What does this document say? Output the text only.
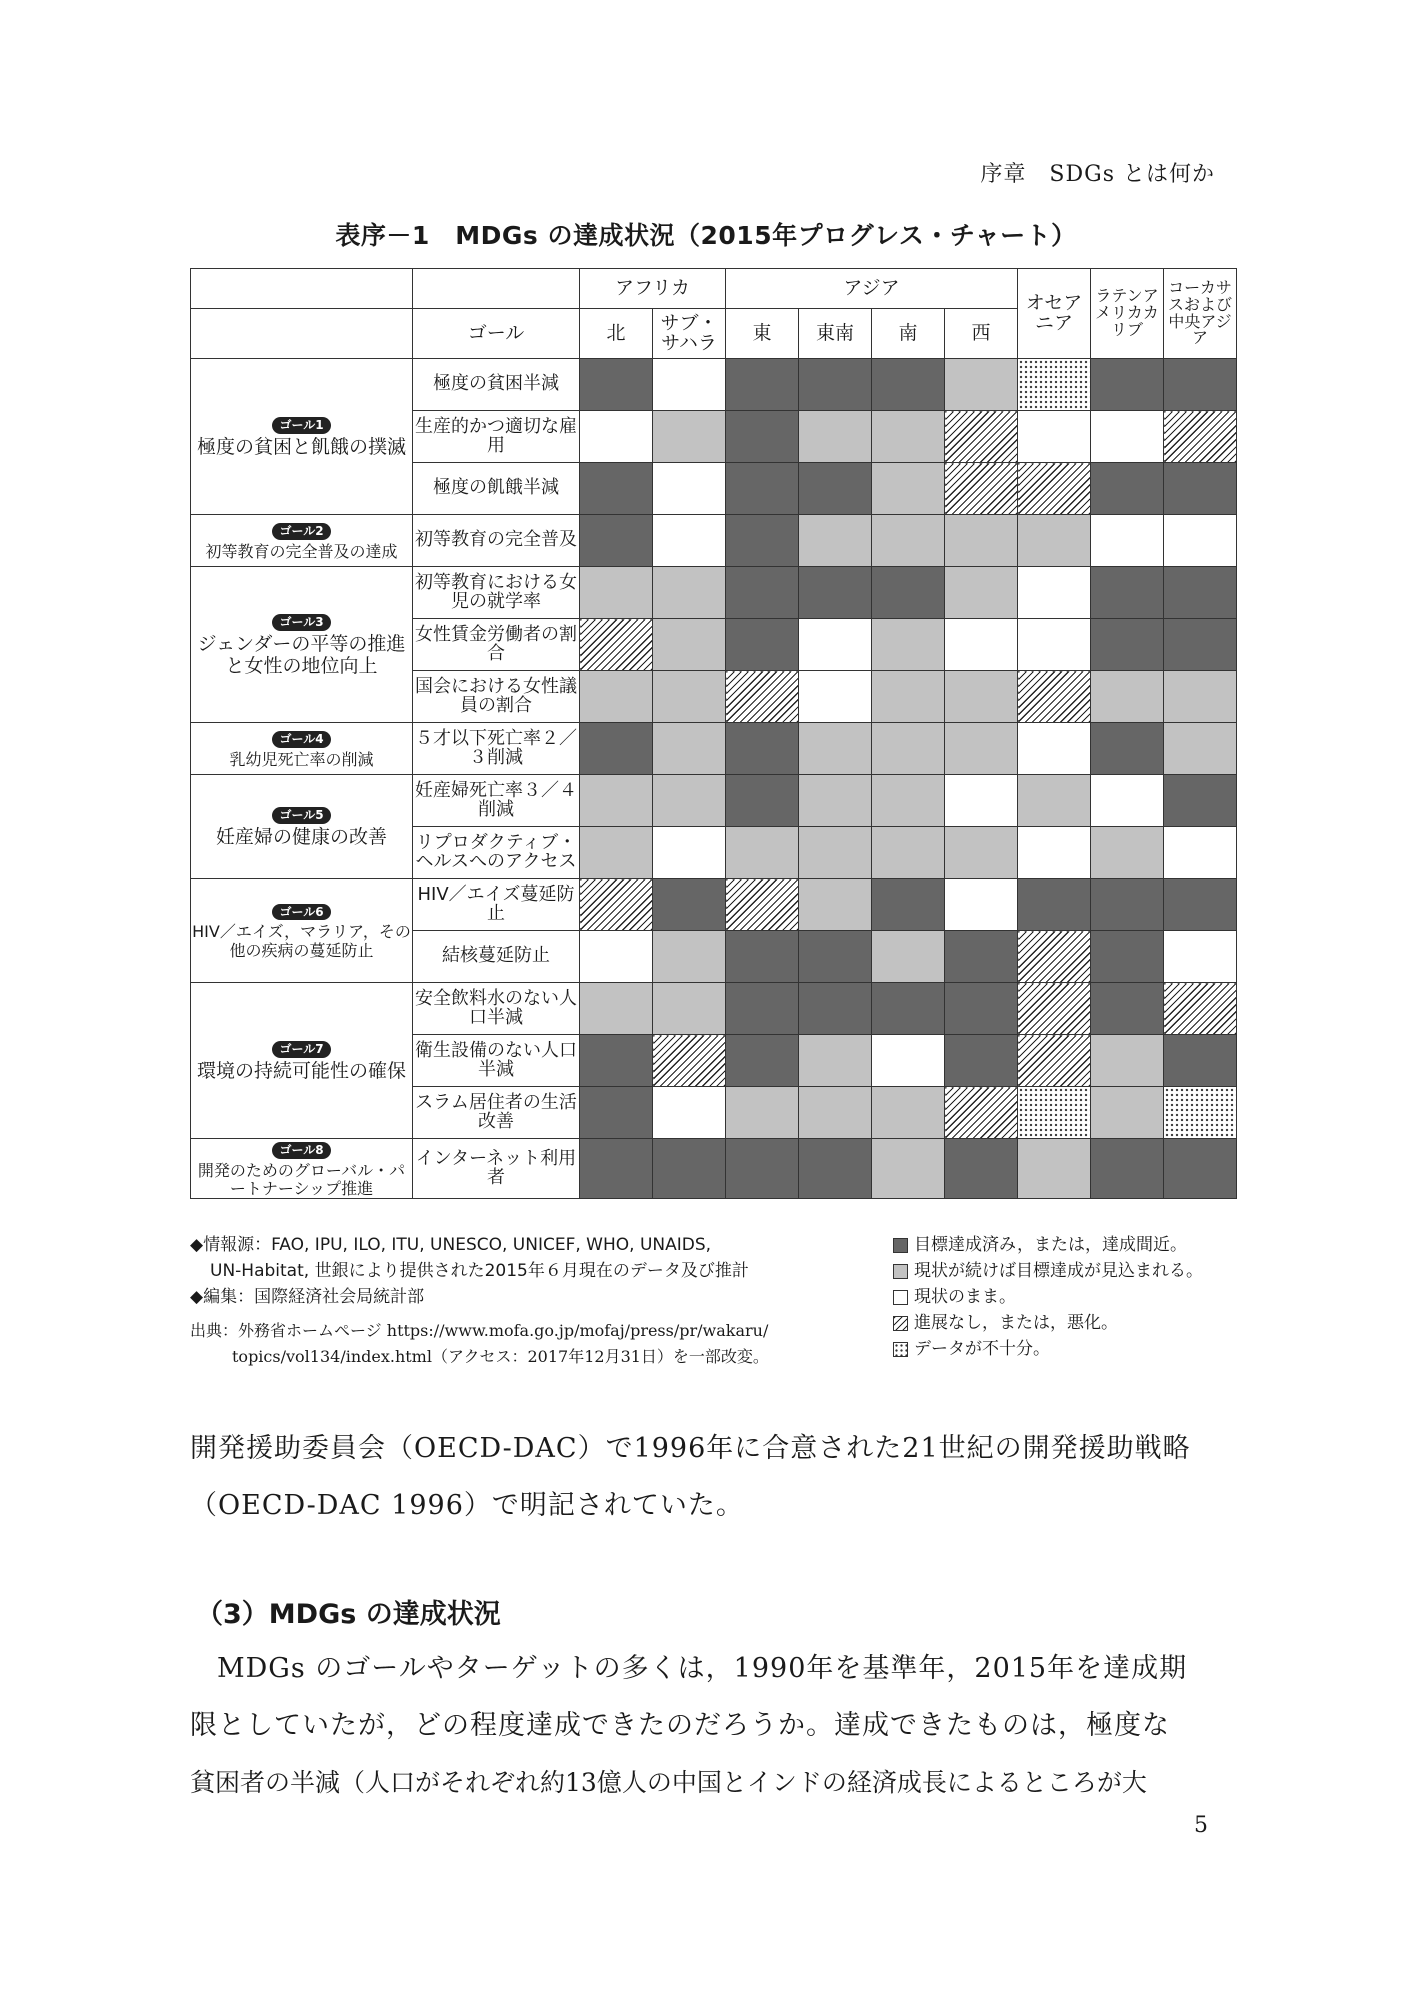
序章　SDGs とは何か
表序－1　MDGs の達成状況（2015年プログレス・チャート）
		アフリカ		アジア				オセアニア	ラテンアメリカカリブ	コーカサスおよび中央アジア
	ゴール	北	サブ・サハラ	東	東南	南	西			
ゴール1
極度の貧困と飢餓の撲滅	極度の貧困半減									
	生産的かつ適切な雇用									
	極度の飢餓半減									
ゴール2
初等教育の完全普及の達成	初等教育の完全普及									
ゴール3
ジェンダーの平等の推進と女性の地位向上	初等教育における女児の就学率									
	女性賃金労働者の割合									
	国会における女性議員の割合									
ゴール4
乳幼児死亡率の削減	５才以下死亡率２／３削減									
ゴール5
妊産婦の健康の改善	妊産婦死亡率３／４削減									
	リプロダクティブ・ヘルスへのアクセス									
ゴール6
HIV／エイズ，マラリア，その他の疾病の蔓延防止	HIV／エイズ蔓延防止									
	結核蔓延防止									
ゴール7
環境の持続可能性の確保	安全飲料水のない人口半減									
	衛生設備のない人口半減									
	スラム居住者の生活改善									
ゴール8
開発のためのグローバル・パートナーシップ推進	インターネット利用者									
◆情報源：FAO, IPU, ILO, ITU, UNESCO, UNICEF, WHO, UNAIDS,
UN-Habitat, 世銀により提供された2015年６月現在のデータ及び推計
◆編集：国際経済社会局統計部
出典：外務省ホームページ https://www.mofa.go.jp/mofaj/press/pr/wakaru/
topics/vol134/index.html（アクセス：2017年12月31日）を一部改変。
目標達成済み，または，達成間近。
現状が続けば目標達成が見込まれる。
現状のまま。
進展なし，または，悪化。
データが不十分。
開発援助委員会（OECD-DAC）で1996年に合意された21世紀の開発援助戦略
（OECD-DAC 1996）で明記されていた。
（3）MDGs の達成状況
MDGs のゴールやターゲットの多くは，1990年を基準年，2015年を達成期
限としていたが，どの程度達成できたのだろうか。達成できたものは，極度な
貧困者の半減（人口がそれぞれ約13億人の中国とインドの経済成長によるところが大
5
